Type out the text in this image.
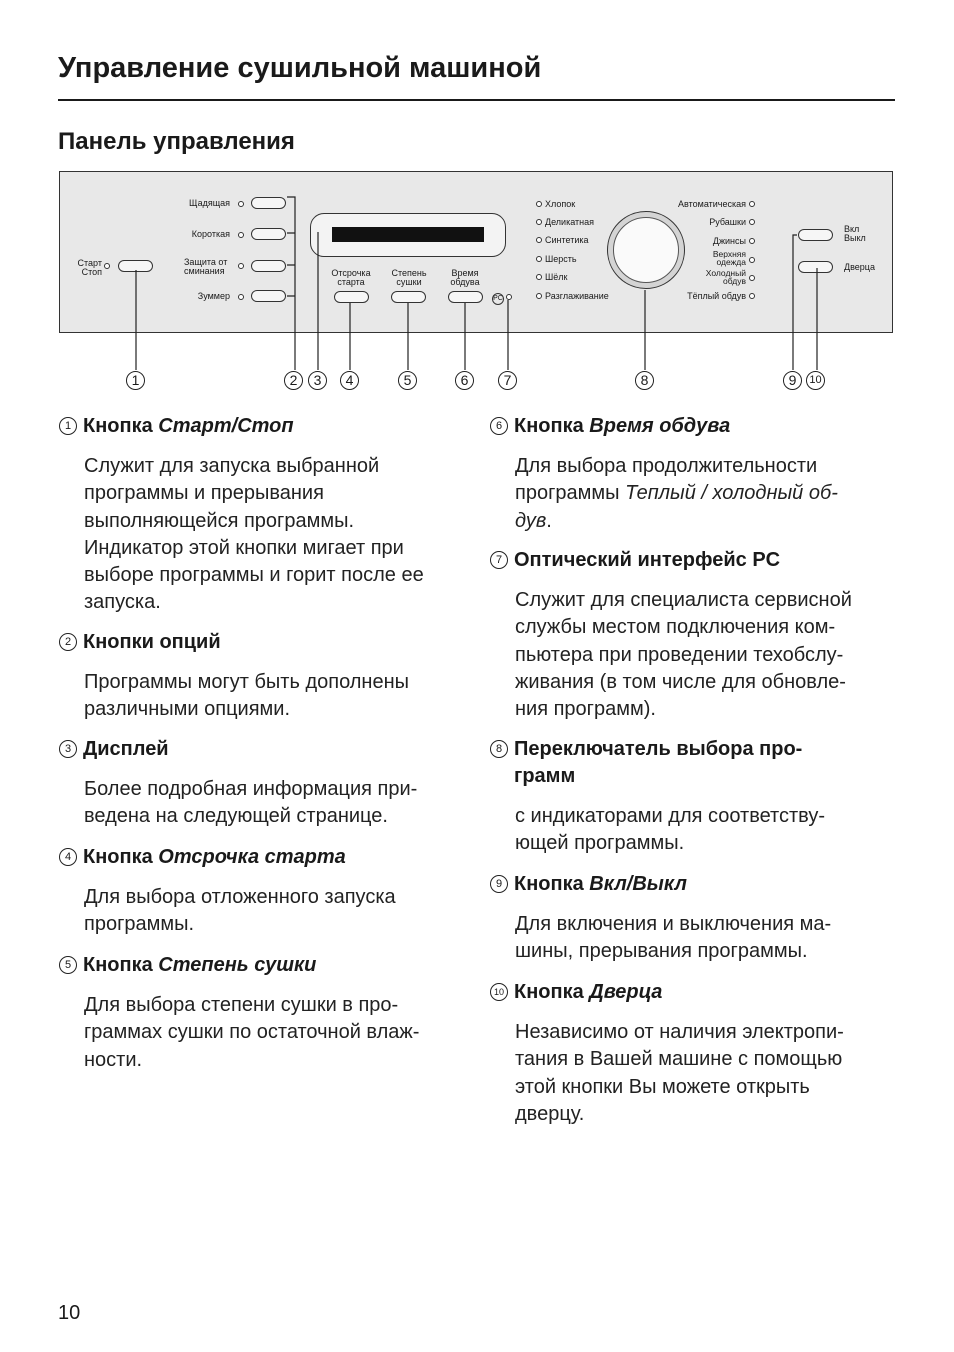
Управление сушильной машиной
Панель управления
Старт
Стоп
Щадящая
Короткая
Защита от
сминания
Зуммер
Отсрочка
старта
Степень
сушки
Время
обдува
PC
Хлопок
Деликатная
Синтетика
Шерсть
Шёлк
Разглаживание
Автоматическая
Рубашки
Джинсы
Верхняя
одежда
Холодный
обдув
Тёплый обдув
Вкл
Выкл
Дверца
1	2	3	4	5	6	7	8	9	10
1 Кнопка Старт/Стоп
Служит для запуска выбранной
программы и прерывания
выполняющейся программы.
Индикатор этой кнопки мигает при
выборе программы и горит после ее
запуска.
2 Кнопки опций
Программы могут быть дополнены
различными опциями.
3 Дисплей
Более подробная информация при-
ведена на следующей странице.
4 Кнопка Отсрочка старта
Для выбора отложенного запуска
программы.
5 Кнопка Степень сушки
Для выбора степени сушки в про-
граммах сушки по остаточной влаж-
ности.
6 Кнопка Время обдува
Для выбора продолжительности
программы Теплый / холодный об-
дув.
7 Оптический интерфейс PC
Служит для специалиста сервисной
службы местом подключения ком-
пьютера при проведении техобслу-
живания (в том числе для обновле-
ния программ).
8 Переключатель выбора про-
грамм
с индикаторами для соответству-
ющей программы.
9 Кнопка Вкл/Выкл
Для включения и выключения ма-
шины, прерывания программы.
10 Кнопка Дверца
Независимо от наличия электропи-
тания в Вашей машине с помощью
этой кнопки Вы можете открыть
дверцу.
10
